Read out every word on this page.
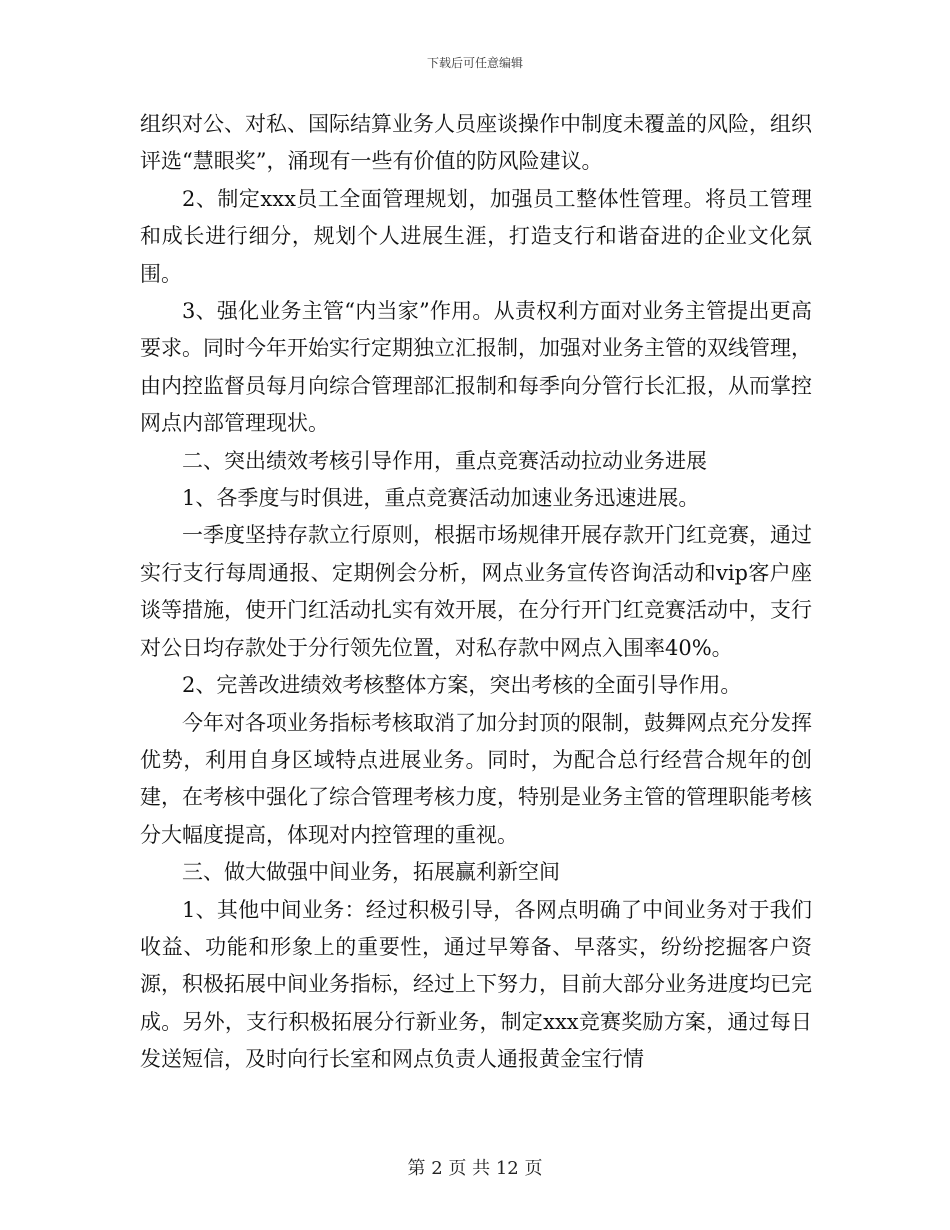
下载后可任意编辑

组织对公、对私、国际结算业务人员座谈操作中制度未覆盖的风险，组织评选“慧眼奖”，涌现有一些有价值的防风险建议。

2、制定xxx员工全面管理规划，加强员工整体性管理。将员工管理和成长进行细分，规划个人进展生涯，打造支行和谐奋进的企业文化氛围。

3、强化业务主管“内当家”作用。从责权利方面对业务主管提出更高要求。同时今年开始实行定期独立汇报制，加强对业务主管的双线管理，由内控监督员每月向综合管理部汇报制和每季向分管行长汇报，从而掌控网点内部管理现状。

二、突出绩效考核引导作用，重点竞赛活动拉动业务进展

1、各季度与时俱进，重点竞赛活动加速业务迅速进展。

一季度坚持存款立行原则，根据市场规律开展存款开门红竞赛，通过实行支行每周通报、定期例会分析，网点业务宣传咨询活动和vip客户座谈等措施，使开门红活动扎实有效开展，在分行开门红竞赛活动中，支行对公日均存款处于分行领先位置，对私存款中网点入围率40%。

2、完善改进绩效考核整体方案，突出考核的全面引导作用。

今年对各项业务指标考核取消了加分封顶的限制，鼓舞网点充分发挥优势，利用自身区域特点进展业务。同时，为配合总行经营合规年的创建，在考核中强化了综合管理考核力度，特别是业务主管的管理职能考核分大幅度提高，体现对内控管理的重视。

三、做大做强中间业务，拓展赢利新空间

1、其他中间业务：经过积极引导，各网点明确了中间业务对于我们收益、功能和形象上的重要性，通过早筹备、早落实，纷纷挖掘客户资源，积极拓展中间业务指标，经过上下努力，目前大部分业务进度均已完成。另外，支行积极拓展分行新业务，制定xxx竞赛奖励方案，通过每日发送短信，及时向行长室和网点负责人通报黄金宝行情

第 2 页 共 12 页
